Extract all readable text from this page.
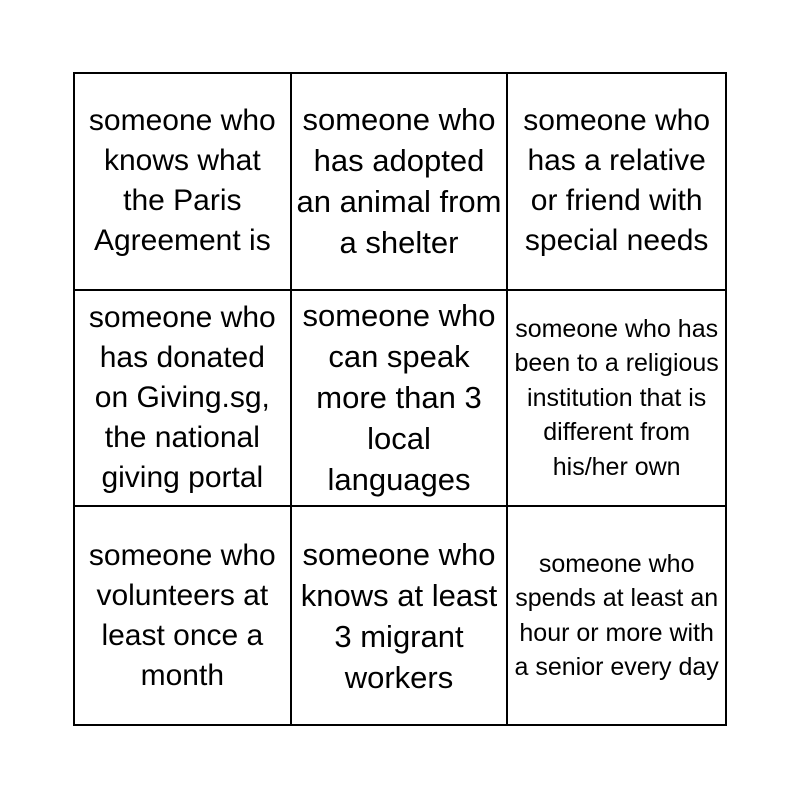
someone who knows what the Paris Agreement is
someone who has adopted an animal from a shelter
someone who has a relative or friend with special needs
someone who has donated on Giving.sg, the national giving portal
someone who can speak more than 3 local languages
someone who has been to a religious institution that is different from his/her own
someone who volunteers at least once a month
someone who knows at least 3 migrant workers
someone who spends at least an hour or more with a senior every day
